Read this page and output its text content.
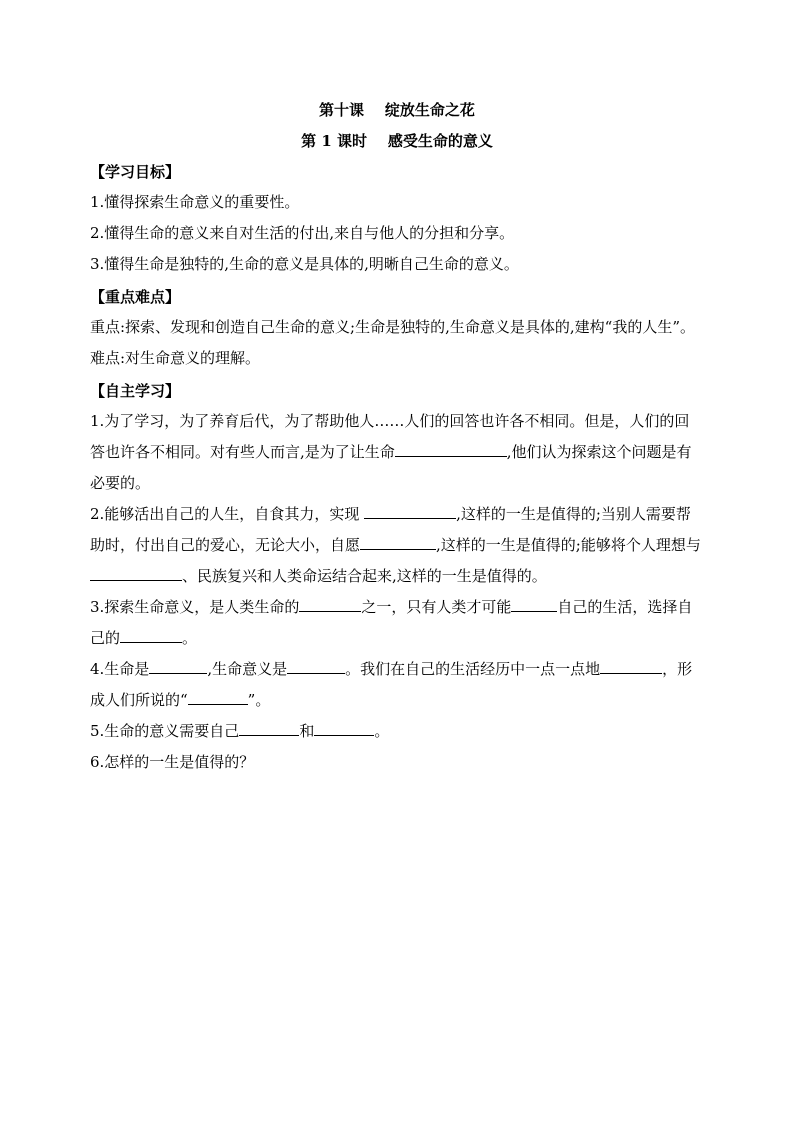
第十课    绽放生命之花
第 1 课时    感受生命的意义
【学习目标】
1.懂得探索生命意义的重要性。
2.懂得生命的意义来自对生活的付出,来自与他人的分担和分享。
3.懂得生命是独特的,生命的意义是具体的,明晰自己生命的意义。
【重点难点】
重点:探索、发现和创造自己生命的意义;生命是独特的,生命意义是具体的,建构“我的人生”。
难点:对生命意义的理解。
【自主学习】
1.为了学习，为了养育后代，为了帮助他人……人们的回答也许各不相同。但是，人们的回答也许各不相同。对有些人而言,是为了让生命	,他们认为探索这个问题是有必要的。
2.能够活出自己的人生，自食其力，实现	,这样的一生是值得的;当别人需要帮助时，付出自己的爱心，无论大小，自愿	,这样的一生是值得的;能够将个人理想与、民族复兴和人类命运结合起来,这样的一生是值得的。
3.探索生命意义，是人类生命的	之一，只有人类才可能	自己的生活，选择自己的	。
4.生命是	,生命意义是	。我们在自己的生活经历中一点一点地	，形成人们所说的“	”。
5.生命的意义需要自己	和	。
6.怎样的一生是值得的？
